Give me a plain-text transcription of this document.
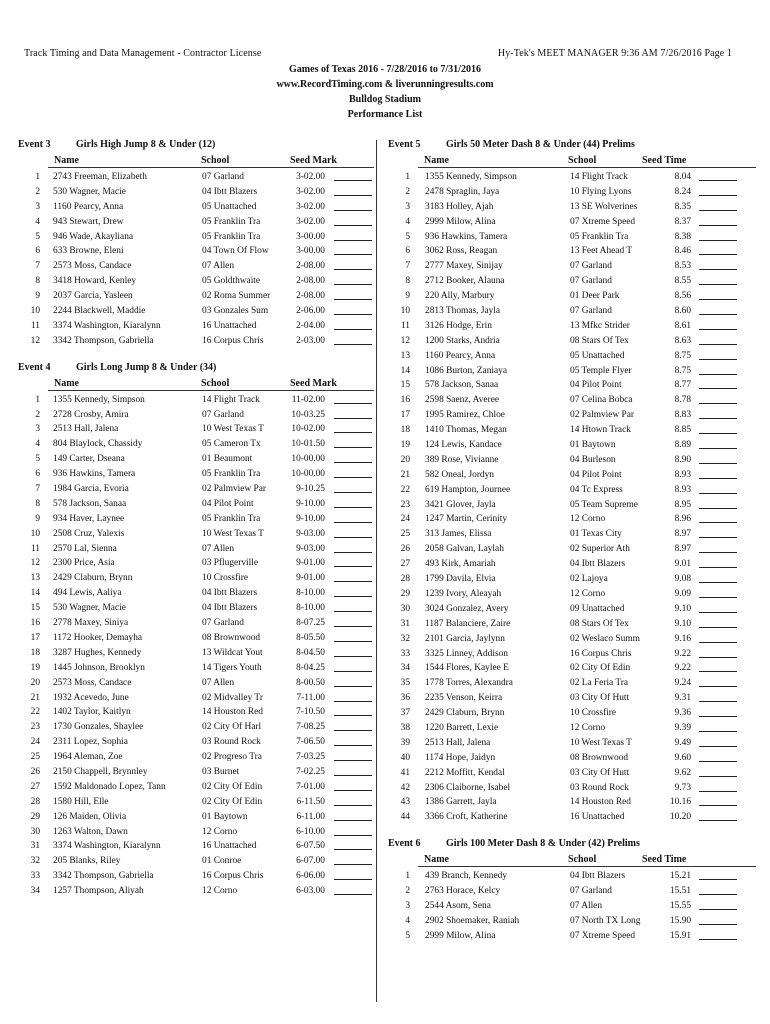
Track Timing and Data Management - Contractor License	Hy-Tek's MEET MANAGER 9:36 AM 7/26/2016 Page 1
Games of Texas 2016 - 7/28/2016 to 7/31/2016
www.RecordTiming.com & liverunningresults.com
Bulldog Stadium
Performance List
Event 3	Girls High Jump 8 & Under (12)
Name	School	Seed Mark
1 2743 Freeman, Elizabeth	07 Garland	3-02.00
2 530 Wagner, Macie	04 Ibtt Blazers	3-02.00
3 1160 Pearcy, Anna	05 Unattached	3-02.00
4 943 Stewart, Drew	05 Franklin Tra	3-02.00
5 946 Wade, Akayliana	05 Franklin Tra	3-00.00
6 633 Browne, Eleni	04 Town Of Flow	3-00.00
7 2573 Moss, Candace	07 Allen	2-08.00
8 3418 Howard, Kenley	05 Goldthwaite	2-08.00
9 2037 Garcia, Yasleen	02 Roma Summer	2-08.00
10 2244 Blackwell, Maddie	03 Gonzales Sum	2-06.00
11 3374 Washington, Kiaralynn	16 Unattached	2-04.00
12 3342 Thompson, Gabriella	16 Corpus Chris	2-03.00
Event 4	Girls Long Jump 8 & Under (34)
Name	School	Seed Mark
1 1355 Kennedy, Simpson	14 Flight Track	11-02.00
2 2728 Crosby, Amira	07 Garland	10-03.25
3 2513 Hall, Jalena	10 West Texas T	10-02.00
4 804 Blaylock, Chassidy	05 Cameron Tx	10-01.50
5 149 Carter, Dseana	01 Beaumont	10-00.00
6 936 Hawkins, Tamera	05 Franklin Tra	10-00.00
7 1984 Garcia, Evoria	02 Palmview Par	9-10.25
8 578 Jackson, Sanaa	04 Pilot Point	9-10.00
9 934 Haver, Laynee	05 Franklin Tra	9-10.00
10 2508 Cruz, Yalexis	10 West Texas T	9-03.00
11 2570 Lal, Sienna	07 Allen	9-03.00
12 2300 Price, Asia	03 Pflugerville	9-01.00
13 2429 Claburn, Brynn	10 Crossfire	9-01.00
14 494 Lewis, Aaliya	04 Ibtt Blazers	8-10.00
15 530 Wagner, Macie	04 Ibtt Blazers	8-10.00
16 2778 Maxey, Siniya	07 Garland	8-07.25
17 1172 Hooker, Demayha	08 Brownwood	8-05.50
18 3287 Hughes, Kennedy	13 Wildcat Yout	8-04.50
19 1445 Johnson, Brooklyn	14 Tigers Youth	8-04.25
20 2573 Moss, Candace	07 Allen	8-00.50
21 1932 Acevedo, June	02 Midvalley Tr	7-11.00
22 1402 Taylor, Kaitlyn	14 Houston Red	7-10.50
23 1730 Gonzales, Shaylee	02 City Of Harl	7-08.25
24 2311 Lopez, Sophia	03 Round Rock	7-06.50
25 1964 Aleman, Zoe	02 Progreso Tra	7-03.25
26 2150 Chappell, Brynnley	03 Burnet	7-02.25
27 1592 Maldonado Lopez, Tann	02 City Of Edin	7-01.00
28 1580 Hill, Elle	02 City Of Edin	6-11.50
29 126 Maiden, Olivia	01 Baytown	6-11.00
30 1263 Walton, Dawn	12 Corno	6-10.00
31 3374 Washington, Kiaralynn	16 Unattached	6-07.50
32 205 Blanks, Riley	01 Conroe	6-07.00
33 3342 Thompson, Gabriella	16 Corpus Chris	6-06.00
34 1257 Thompson, Aliyah	12 Corno	6-03.00
Event 5	Girls 50 Meter Dash 8 & Under (44) Prelims
Name	School	Seed Time
1 1355 Kennedy, Simpson	14 Flight Track	8.04
2 2478 Spraglin, Jaya	10 Flying Lyons	8.24
3 3183 Holley, Ajah	13 SE Wolverines	8.35
4 2999 Milow, Alina	07 Xtreme Speed	8.37
5 936 Hawkins, Tamera	05 Franklin Tra	8.38
6 3062 Ross, Reagan	13 Feet Ahead T	8.46
7 2777 Maxey, Sinijay	07 Garland	8.53
8 2712 Booker, Alauna	07 Garland	8.55
9 220 Ally, Marbury	01 Deer Park	8.56
10 2813 Thomas, Jayla	07 Garland	8.60
11 3126 Hodge, Erin	13 Mfkc Strider	8.61
12 1200 Starks, Andria	08 Stars Of Tex	8.63
13 1160 Pearcy, Anna	05 Unattached	8.75
14 1086 Burton, Zaniaya	05 Temple Flyer	8.75
15 578 Jackson, Sanaa	04 Pilot Point	8.77
16 2598 Saenz, Averee	07 Celina Bobca	8.78
17 1995 Ramirez, Chloe	02 Palmview Par	8.83
18 1410 Thomas, Megan	14 Htown Track	8.85
19 124 Lewis, Kandace	01 Baytown	8.89
20 389 Rose, Vivianne	04 Burleson	8.90
21 582 Oneal, Jordyn	04 Pilot Point	8.93
22 619 Hampton, Journee	04 Tc Express	8.93
23 3421 Glover, Jayla	05 Team Supreme	8.95
24 1247 Martin, Cerinity	12 Corno	8.96
25 313 James, Elissa	01 Texas City	8.97
26 2058 Galvan, Laylah	02 Superior Ath	8.97
27 493 Kirk, Amariah	04 Ibtt Blazers	9.01
28 1799 Davila, Elvia	02 Lajoya	9.08
29 1239 Ivory, Aleayah	12 Corno	9.09
30 3024 Gonzalez, Avery	09 Unattached	9.10
31 1187 Balanciere, Zaire	08 Stars Of Tex	9.10
32 2101 Garcia, Jaylynn	02 Weslaco Summ	9.16
33 3325 Linney, Addison	16 Corpus Chris	9.22
34 1544 Flores, Kaylee E	02 City Of Edin	9.22
35 1778 Torres, Alexandra	02 La Feria Tra	9.24
36 2235 Venson, Keirra	03 City Of Hutt	9.31
37 2429 Claburn, Brynn	10 Crossfire	9.36
38 1220 Barrett, Lexie	12 Corno	9.39
39 2513 Hall, Jalena	10 West Texas T	9.49
40 1174 Hope, Jaidyn	08 Brownwood	9.60
41 2212 Moffitt, Kendal	03 City Of Hutt	9.62
42 2306 Claiborne, Isabel	03 Round Rock	9.73
43 1386 Garrett, Jayla	14 Houston Red	10.16
44 3366 Croft, Katherine	16 Unattached	10.20
Event 6	Girls 100 Meter Dash 8 & Under (42) Prelims
Name	School	Seed Time
1 439 Branch, Kennedy	04 Ibtt Blazers	15.21
2 2763 Horace, Kelcy	07 Garland	15.51
3 2544 Asom, Sena	07 Allen	15.55
4 2902 Shoemaker, Raniah	07 North TX Long	15.90
5 2999 Milow, Alina	07 Xtreme Speed	15.91
